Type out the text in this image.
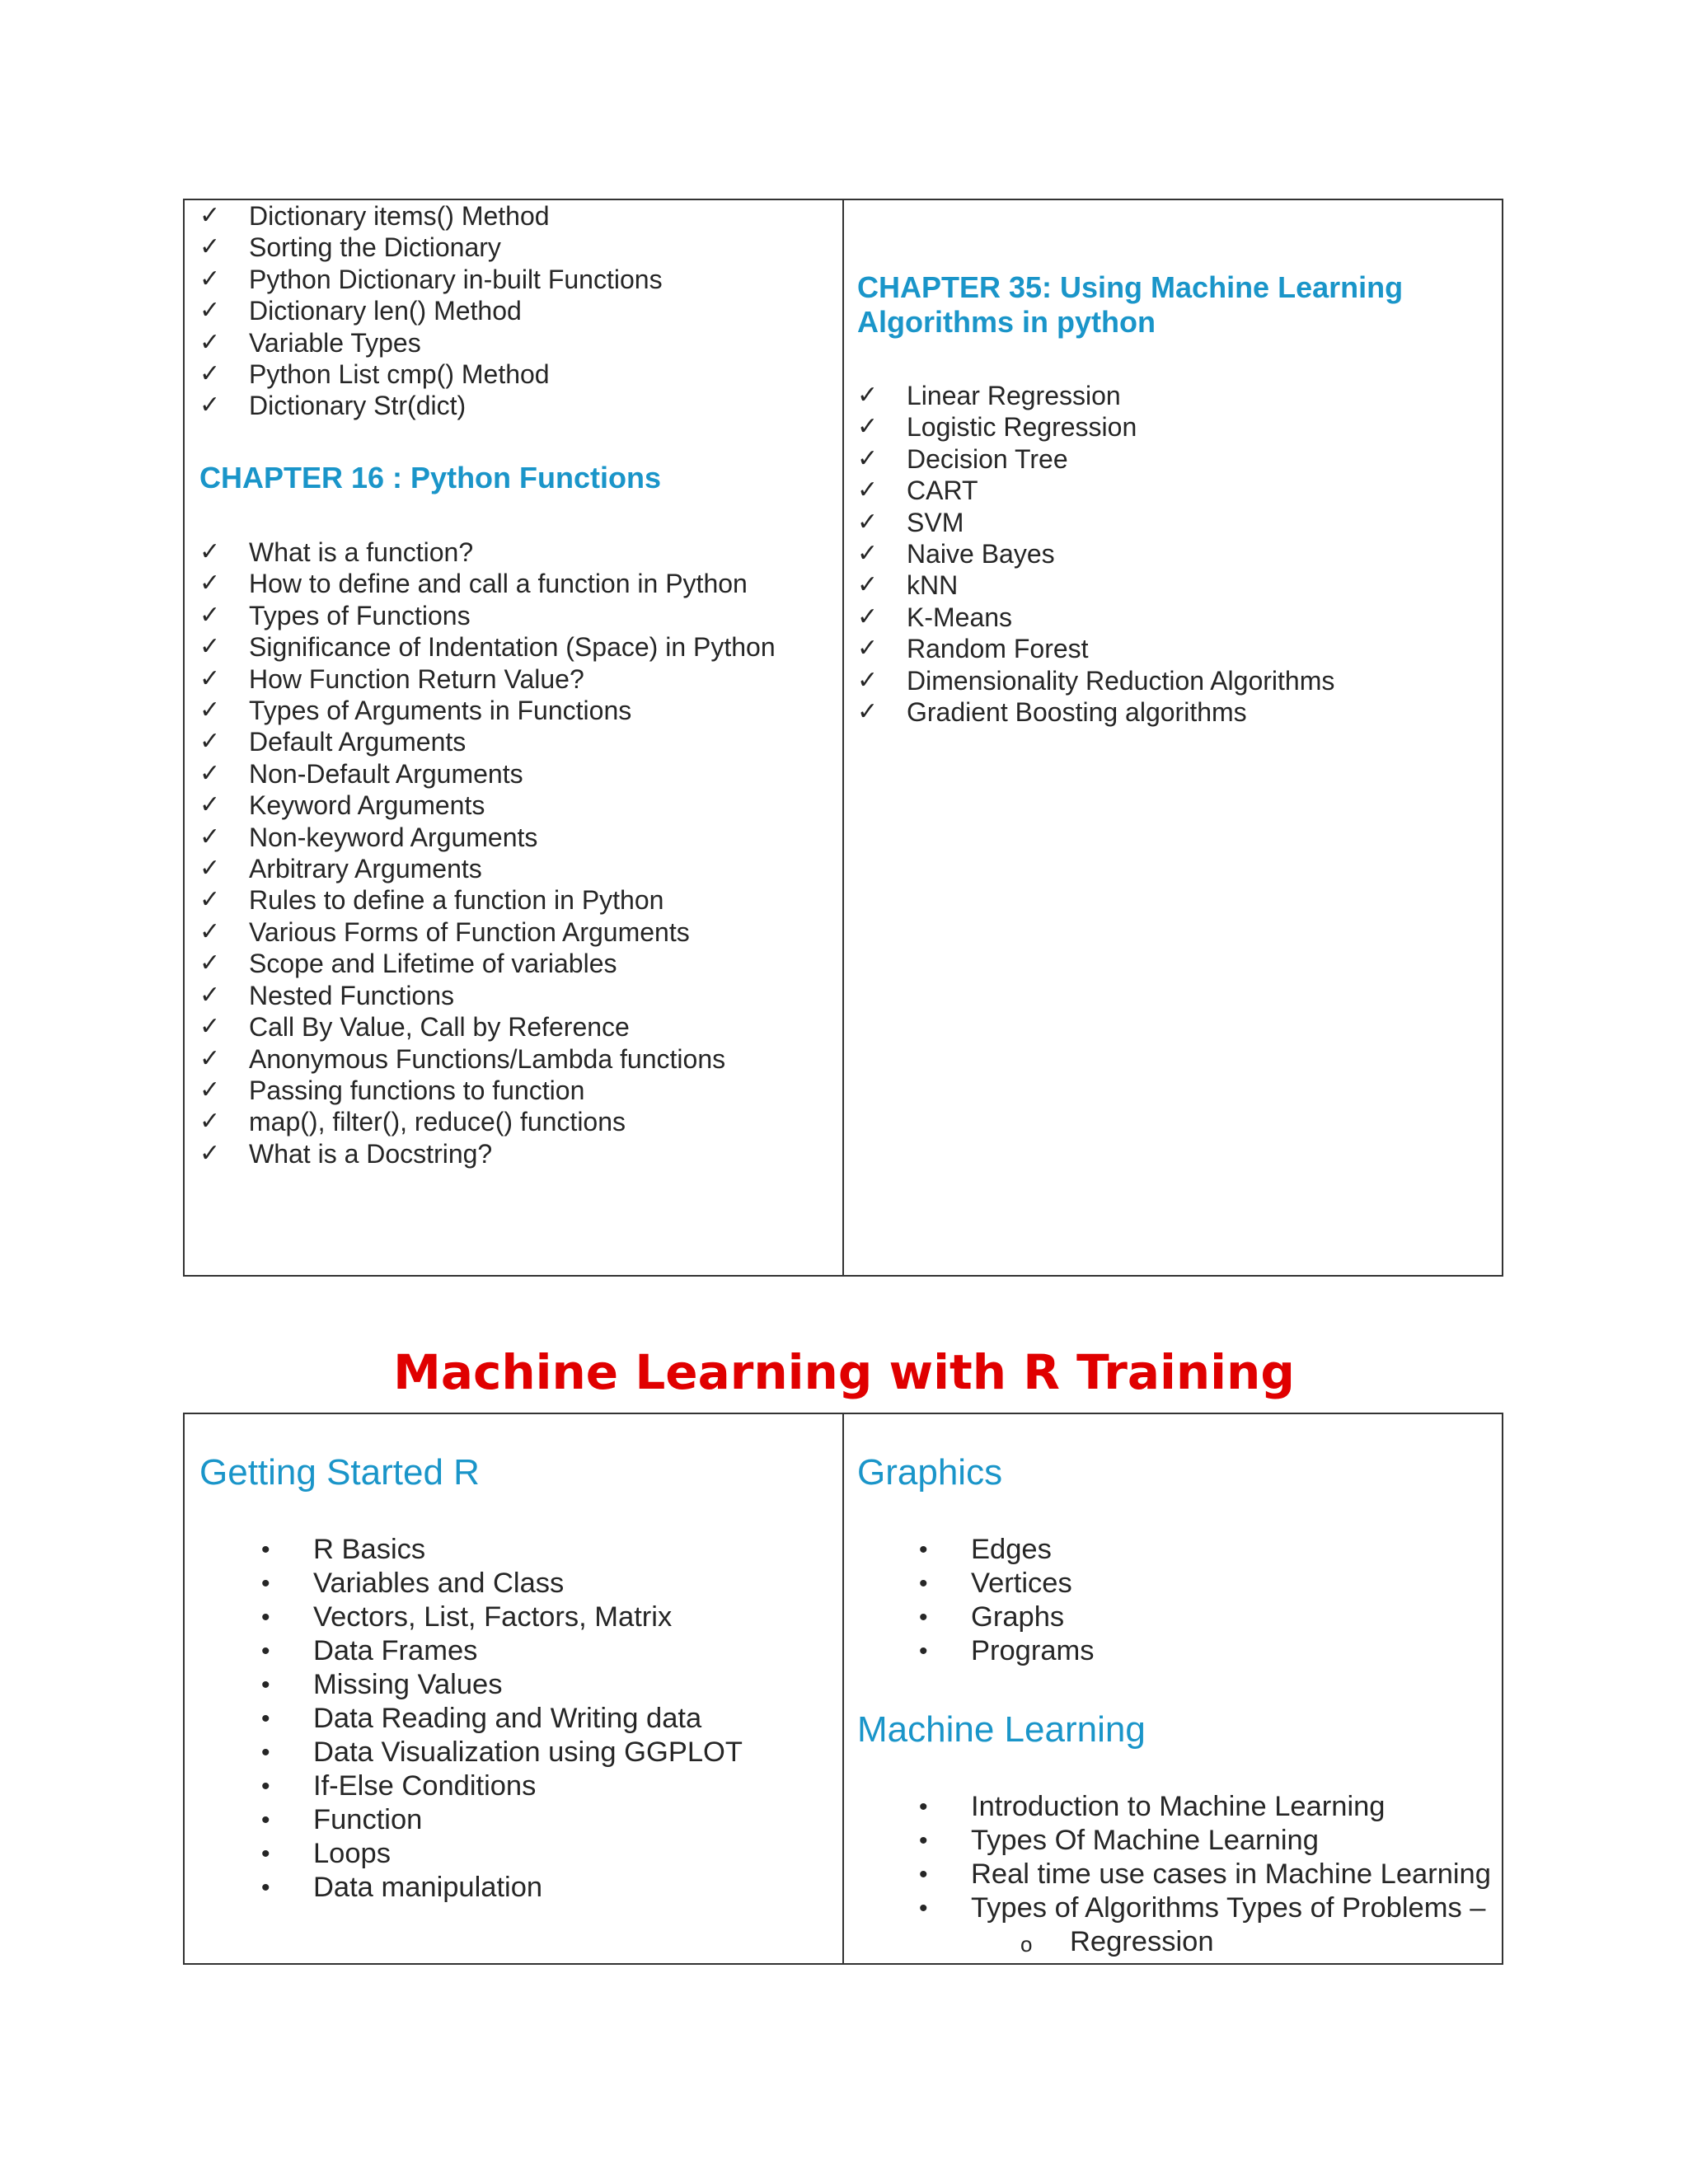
✓ Dictionary items() Method
✓ Sorting the Dictionary
✓ Python Dictionary in-built Functions
✓ Dictionary len() Method
✓ Variable Types
✓ Python List cmp() Method
✓ Dictionary Str(dict)
CHAPTER 16 : Python Functions
✓ What is a function?
✓ How to define and call a function in Python
✓ Types of Functions
✓ Significance of Indentation (Space) in Python
✓ How Function Return Value?
✓ Types of Arguments in Functions
✓ Default Arguments
✓ Non-Default Arguments
✓ Keyword Arguments
✓ Non-keyword Arguments
✓ Arbitrary Arguments
✓ Rules to define a function in Python
✓ Various Forms of Function Arguments
✓ Scope and Lifetime of variables
✓ Nested Functions
✓ Call By Value, Call by Reference
✓ Anonymous Functions/Lambda functions
✓ Passing functions to function
✓ map(), filter(), reduce() functions
✓ What is a Docstring?
CHAPTER 35: Using Machine Learning
Algorithms in python
✓ Linear Regression
✓ Logistic Regression
✓ Decision Tree
✓ CART
✓ SVM
✓ Naive Bayes
✓ kNN
✓ K-Means
✓ Random Forest
✓ Dimensionality Reduction Algorithms
✓ Gradient Boosting algorithms
Machine Learning with R Training
Getting Started R
• R Basics
• Variables and Class
• Vectors, List, Factors, Matrix
• Data Frames
• Missing Values
• Data Reading and Writing data
• Data Visualization using GGPLOT
• If-Else Conditions
• Function
• Loops
• Data manipulation
Graphics
• Edges
• Vertices
• Graphs
• Programs
Machine Learning
• Introduction to Machine Learning
• Types Of Machine Learning
• Real time use cases in Machine Learning
• Types of Algorithms Types of Problems –
o Regression
